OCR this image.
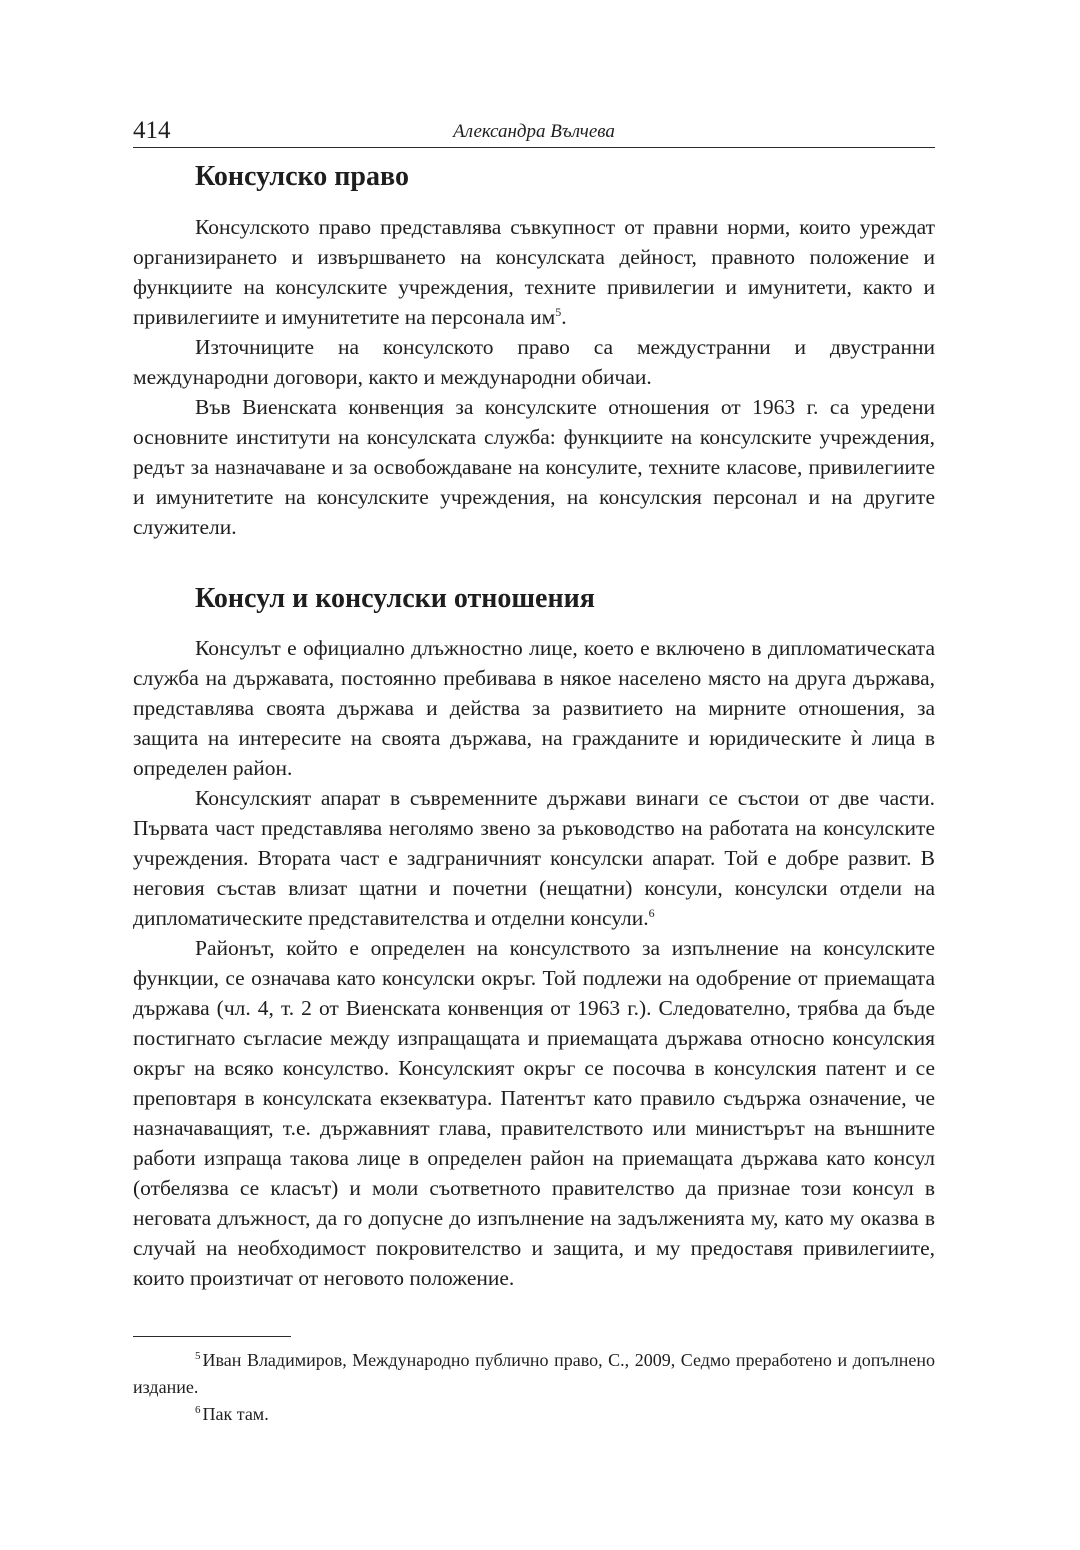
414	Александра Вълчева
Консулско право

Консулското право представлява съвкупност от правни норми, които уреждат организирането и извършването на консулската дейност, правното положение и функциите на консулските учреждения, техните привилегии и имунитети, както и привилегиите и имунитетите на персонала $им^5$.

Източниците на консулското право са междустранни и двустранни международни договори, както и международни обичаи.

Във Виенската конвенция за консулските отношения от 1963 г. са уредени основните институти на консулската служба: функциите на консулските учреждения, редът за назначаване и за освобождаване на консулите, техните класове, привилегиите и имунитетите на консулските учреждения, на консулския персонал и на другите служители.

Консул и консулски отношения

Консулът е официално длъжностно лице, което е включено в дипломатическата служба на държавата, постоянно пребивава в някое населено място на друга държава, представлява своята държава и действа за развитието на мирните отношения, за защита на интересите на своята държава, на гражданите и юридическите ѝ лица в определен район.

Консулският апарат в съвременните държави винаги се състои от две части. Първата част представлява неголямо звено за ръководство на работата на консулските учреждения. Втората част е задграничният консулски апарат. Той е добре развит. В неговия състав влизат щатни и почетни (нещатни) консули, консулски отдели на дипломатическите представителства и отделни консули.$^6$

Районът, който е определен на консулството за изпълнение на консулските функции, се означава като консулски окръг. Той подлежи на одобрение от приемащата държава (чл. 4, т. 2 от Виенската конвенция от 1963 г.). Следователно, трябва да бъде постигнато съгласие между изпращащата и приемащата държава относно консулския окръг на всяко консулство. Консулският окръг се посочва в консулския патент и се преповтаря в консулската екзекватура. Патентът като правило съдържа означение, че назначаващият, т.е. държавният глава, правителството или министърът на външните работи изпраща такова лице в определен район на приемащата държава като консул (отбелязва се класът) и моли съответното правителство да признае този консул в неговата длъжност, да го допусне до изпълнение на задълженията му, като му оказва в случай на необходимост покровителство и защита, и му предоставя привилегиите, които произтичат от неговото положение.

$^5$ Иван Владимиров, Международно публично право, С., 2009, Седмо преработено и допълнено издание.

$^6$ Пак там.
